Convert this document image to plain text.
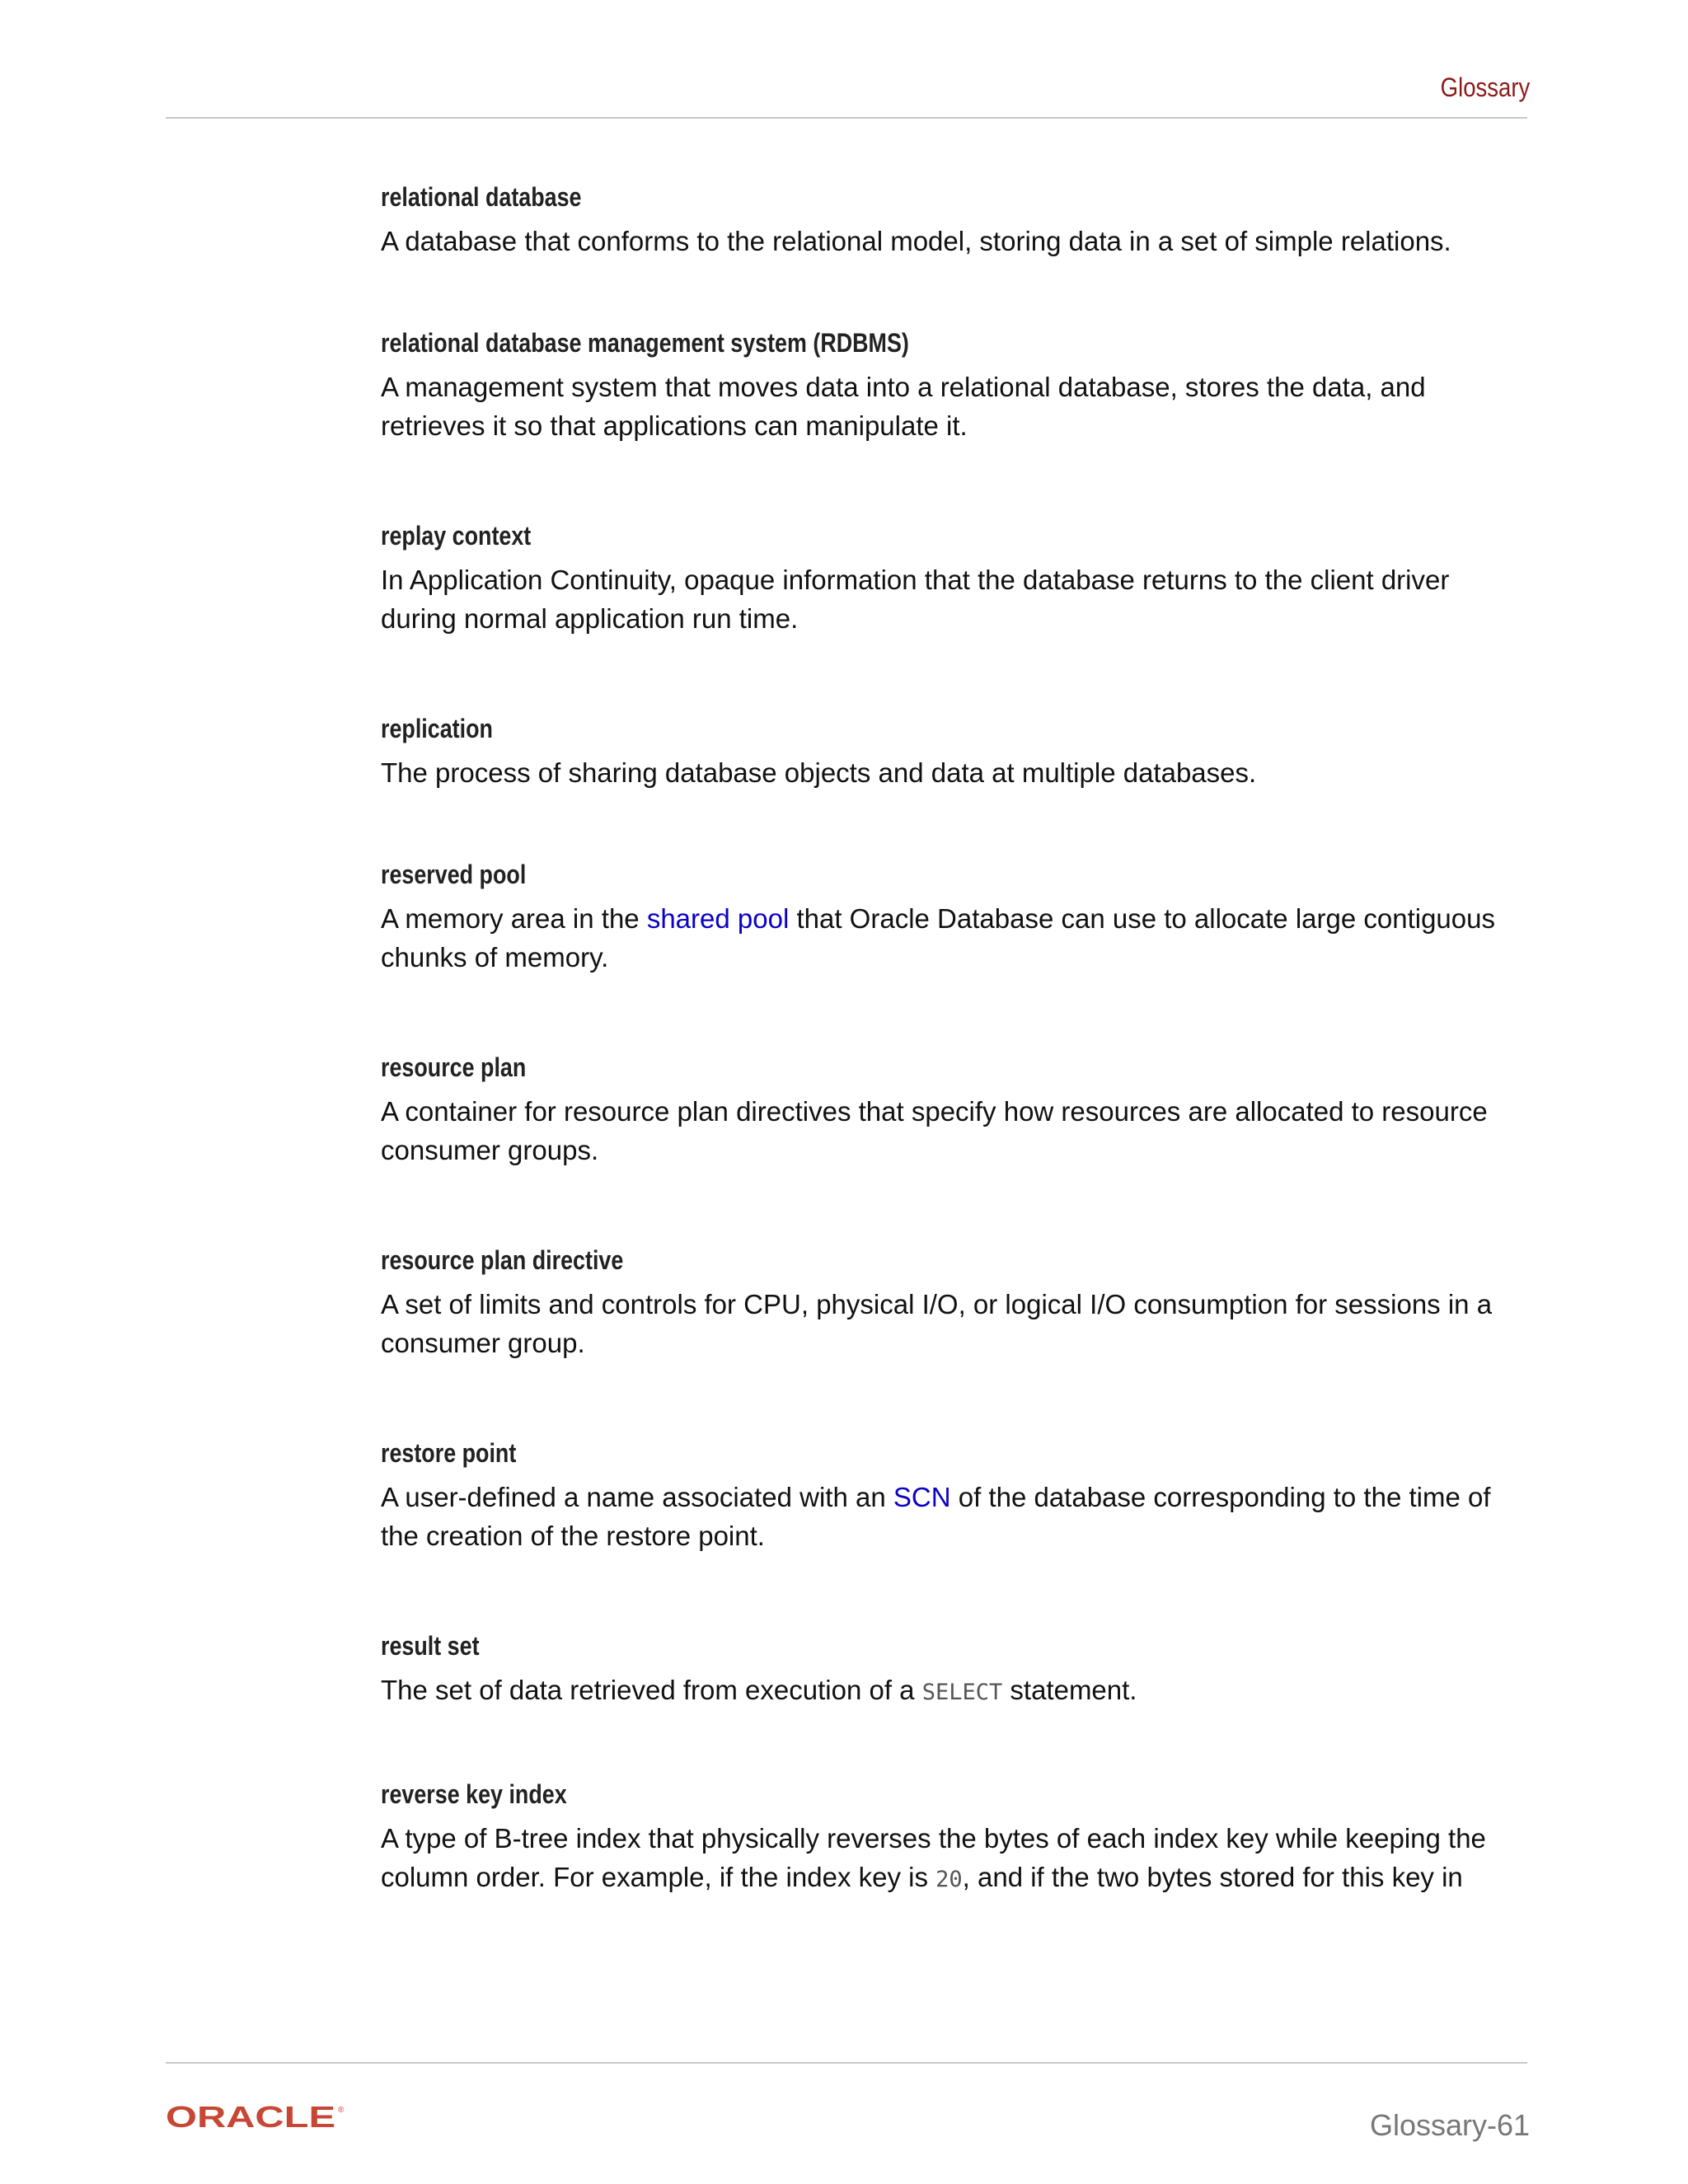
Glossary
relational database
A database that conforms to the relational model, storing data in a set of simple relations.
relational database management system (RDBMS)
A management system that moves data into a relational database, stores the data, and retrieves it so that applications can manipulate it.
replay context
In Application Continuity, opaque information that the database returns to the client driver during normal application run time.
replication
The process of sharing database objects and data at multiple databases.
reserved pool
A memory area in the shared pool that Oracle Database can use to allocate large contiguous chunks of memory.
resource plan
A container for resource plan directives that specify how resources are allocated to resource consumer groups.
resource plan directive
A set of limits and controls for CPU, physical I/O, or logical I/O consumption for sessions in a consumer group.
restore point
A user-defined a name associated with an SCN of the database corresponding to the time of the creation of the restore point.
result set
The set of data retrieved from execution of a SELECT statement.
reverse key index
A type of B-tree index that physically reverses the bytes of each index key while keeping the column order. For example, if the index key is 20, and if the two bytes stored for this key in
ORACLE ®	Glossary-61
